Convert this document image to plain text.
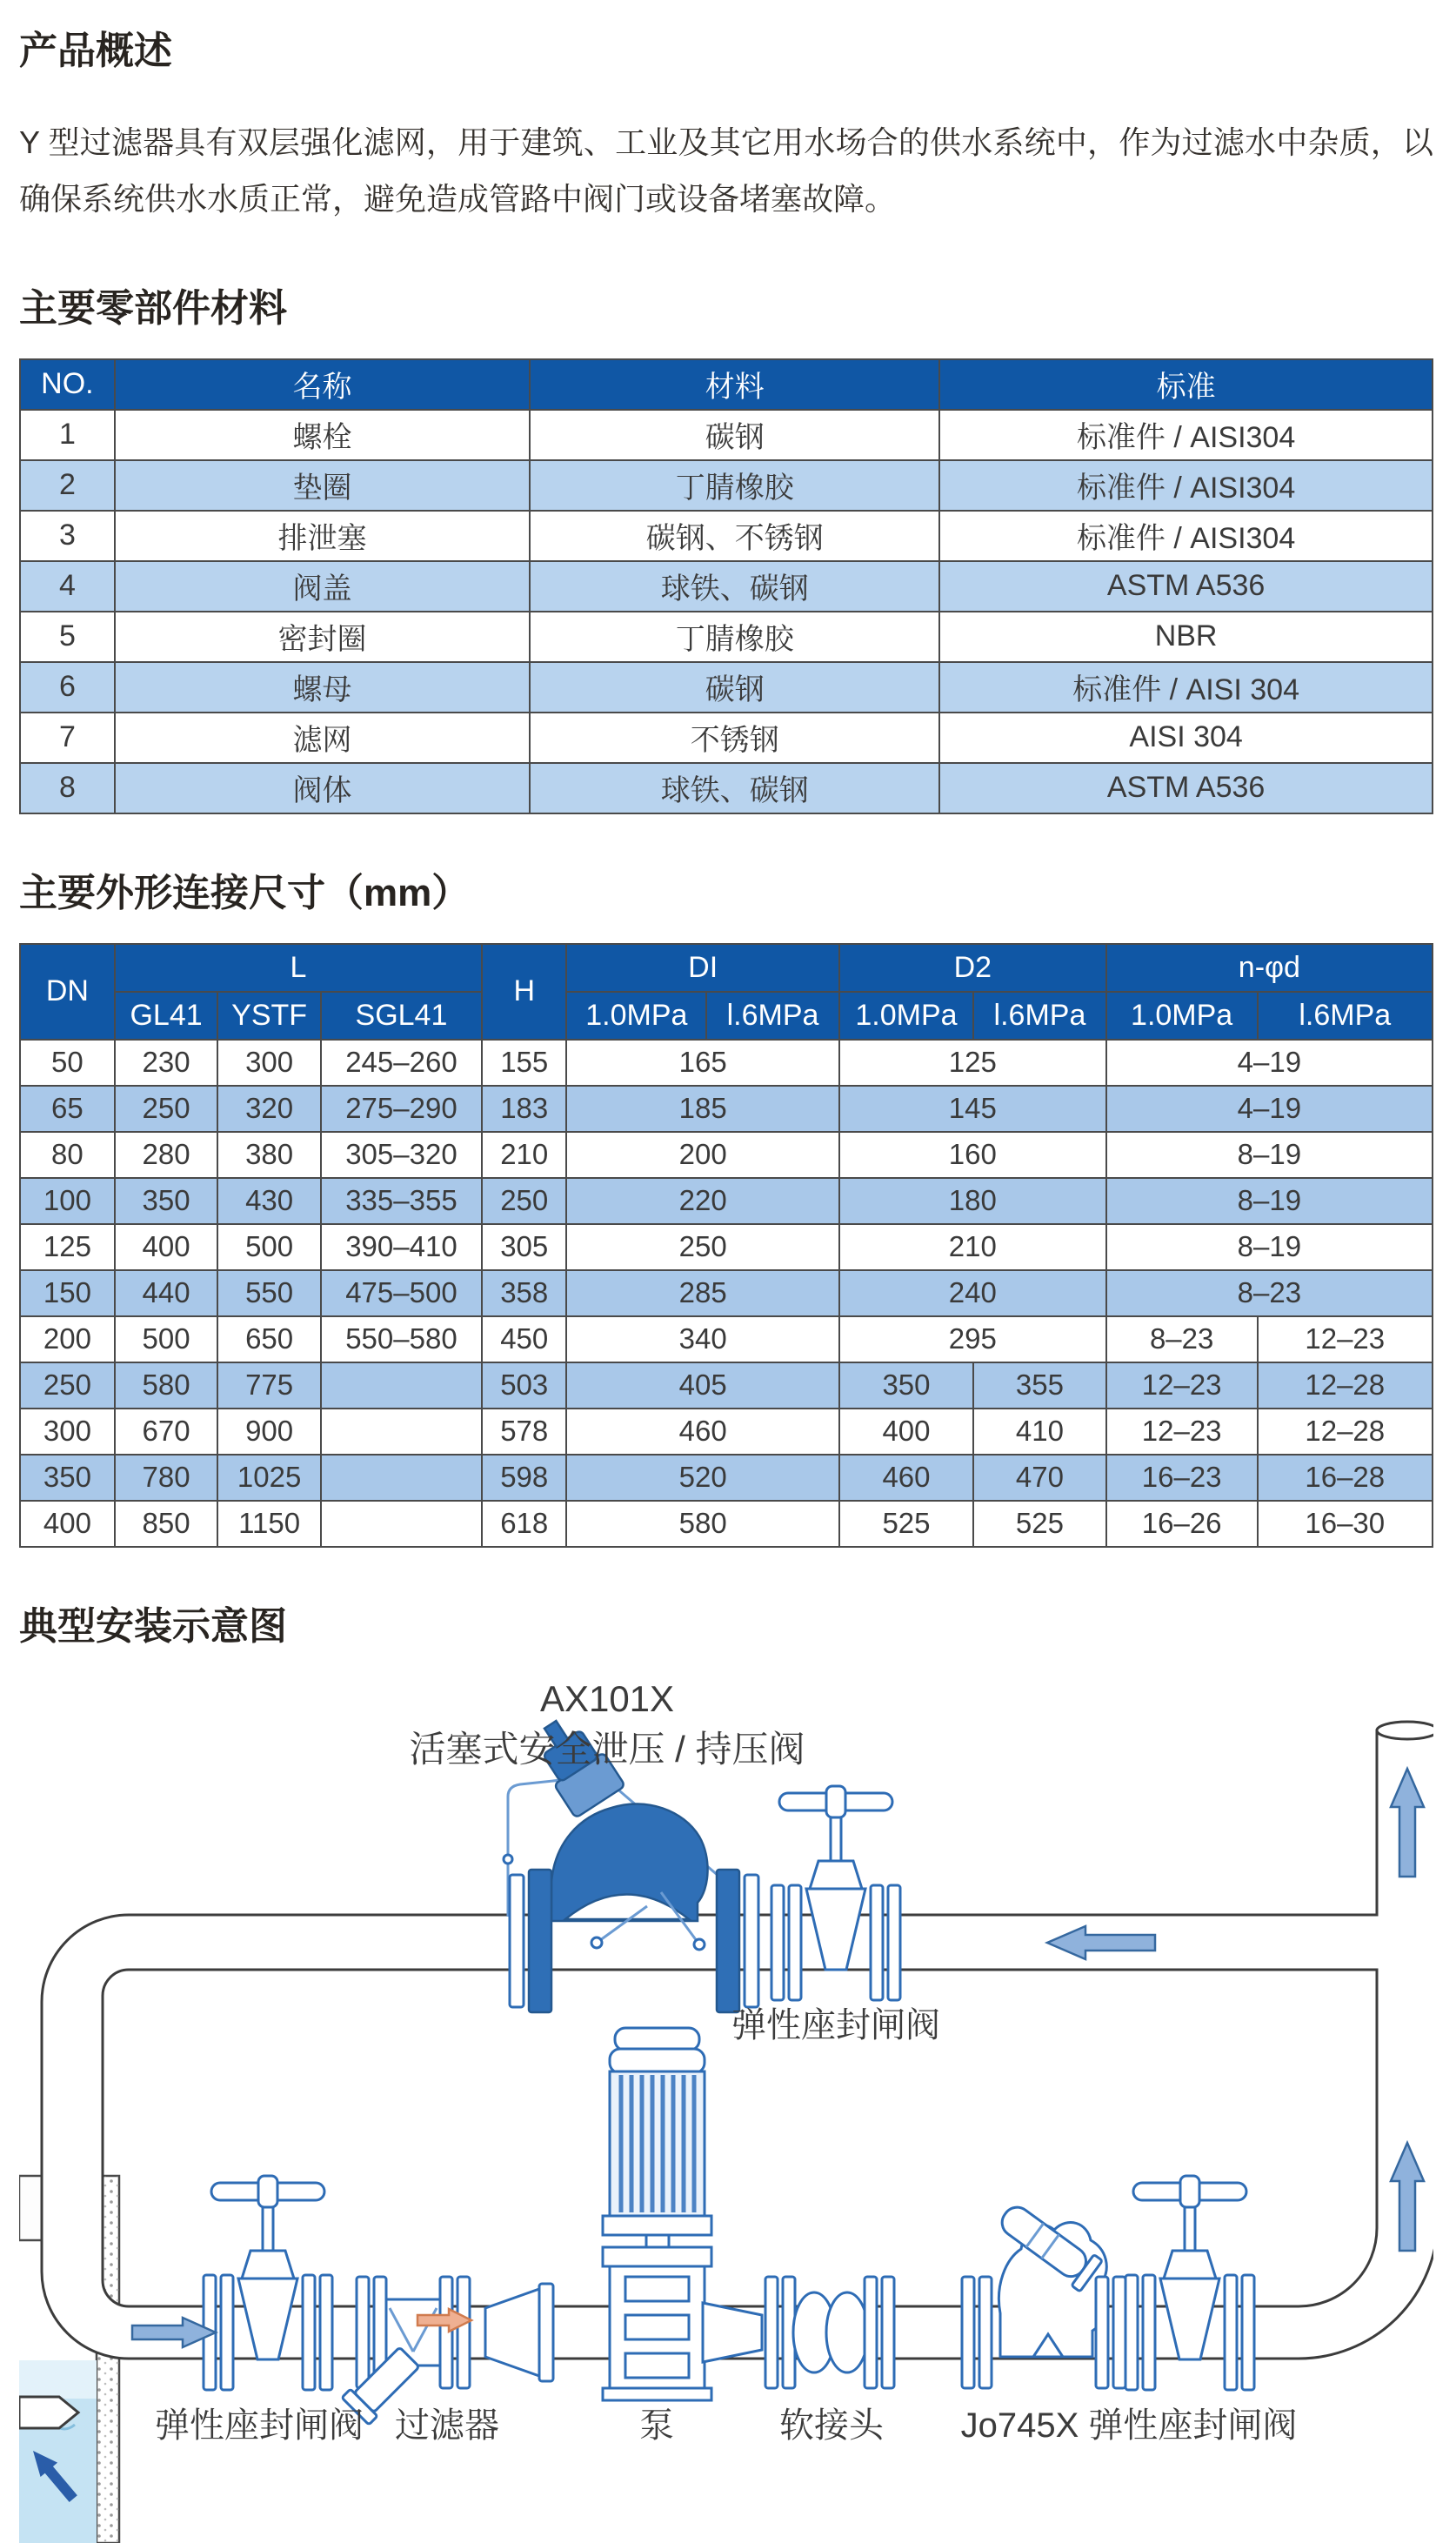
产品概述

Y 型过滤器具有双层强化滤网，用于建筑、工业及其它用水场合的供水系统中，作为过滤水中杂质，以确保系统供水水质正常，避免造成管路中阀门或设备堵塞故障。

主要零部件材料
NO.	名称	材料	标准
1	螺栓	碳钢	标准件 / AISI304
2	垫圈	丁腈橡胶	标准件 / AISI304
3	排泄塞	碳钢、不锈钢	标准件 / AISI304
4	阀盖	球铁、碳钢	ASTM A536
5	密封圈	丁腈橡胶	NBR
6	螺母	碳钢	标准件 / AISI 304
7	滤网	不锈钢	AISI 304
8	阀体	球铁、碳钢	ASTM A536
主要外形连接尺寸（mm）
DN	L			H	DI		D2		n-φd	
	GL41	YSTF	SGL41		1.0MPa	l.6MPa	1.0MPa	l.6MPa	1.0MPa	l.6MPa
50	230	300	245–260	155	165		125		4–19	
65	250	320	275–290	183	185		145		4–19	
80	280	380	305–320	210	200		160		8–19	
100	350	430	335–355	250	220		180		8–19	
125	400	500	390–410	305	250		210		8–19	
150	440	550	475–500	358	285		240		8–23	
200	500	650	550–580	450	340		295		8–23	12–23
250	580	775		503	405		350	355	12–23	12–28
300	670	900		578	460		400	410	12–23	12–28
350	780	1025		598	520		460	470	16–23	16–28
400	850	1150		618	580		525	525	16–26	16–30
典型安装示意图
AX101X
活塞式安全泄压 / 持压阀
弹性座封闸阀
弹性座封闸阀 过滤器	泵	软接头 Jo745X 弹性座封闸阀
